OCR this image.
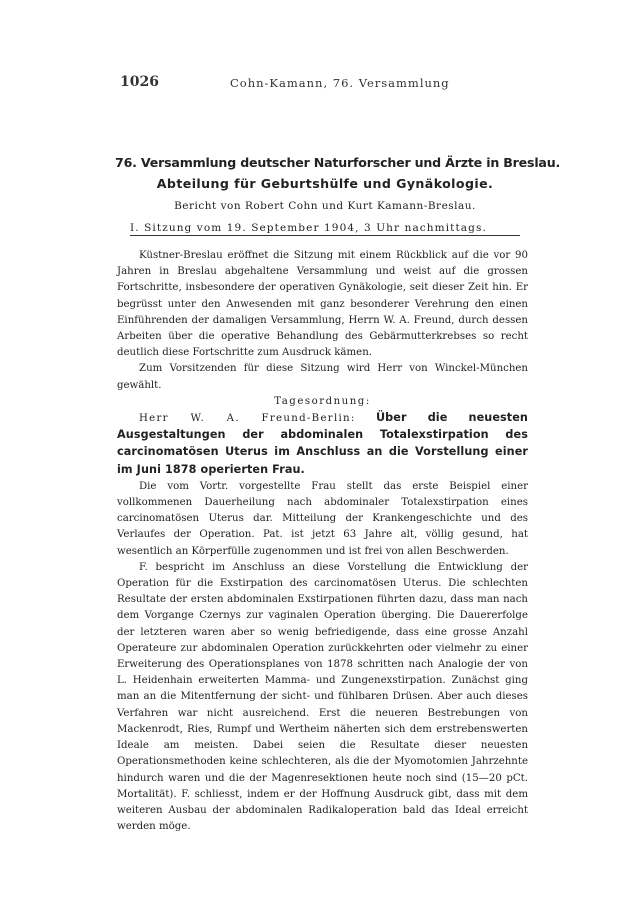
1026	Cohn-Kamann, 76. Versammlung
76. Versammlung deutscher Naturforscher und Ärzte in Breslau.
Abteilung für Geburtshülfe und Gynäkologie.
Bericht von Robert Cohn und Kurt Kamann-Breslau.
I. Sitzung vom 19. September 1904, 3 Uhr nachmittags.

Küstner-Breslau eröffnet die Sitzung mit einem Rückblick auf die vor 90 Jahren in Breslau abgehaltene Versammlung und weist auf die grossen Fortschritte, insbesondere der operativen Gynäkologie, seit dieser Zeit hin. Er begrüsst unter den Anwesenden mit ganz besonderer Verehrung den einen Einführenden der damaligen Versammlung, Herrn W. A. Freund, durch dessen Arbeiten über die operative Behandlung des Gebärmutterkrebses so recht deutlich diese Fortschritte zum Ausdruck kämen.

Zum Vorsitzenden für diese Sitzung wird Herr von Winckel-München gewählt.

Tagesordnung:

Herr W. A. Freund-Berlin: Über die neuesten Ausgestaltungen der abdominalen Totalexstirpation des carcinomatösen Uterus im Anschluss an die Vorstellung einer im Juni 1878 operierten Frau.

Die vom Vortr. vorgestellte Frau stellt das erste Beispiel einer vollkommenen Dauerheilung nach abdominaler Totalexstirpation eines carcinomatösen Uterus dar. Mitteilung der Krankengeschichte und des Verlaufes der Operation. Pat. ist jetzt 63 Jahre alt, völlig gesund, hat wesentlich an Körperfülle zugenommen und ist frei von allen Beschwerden.

F. bespricht im Anschluss an diese Vorstellung die Entwicklung der Operation für die Exstirpation des carcinomatösen Uterus. Die schlechten Resultate der ersten abdominalen Exstirpationen führten dazu, dass man nach dem Vorgange Czernys zur vaginalen Operation überging. Die Dauererfolge der letzteren waren aber so wenig befriedigende, dass eine grosse Anzahl Operateure zur abdominalen Operation zurückkehrten oder vielmehr zu einer Erweiterung des Operationsplanes von 1878 schritten nach Analogie der von L. Heidenhain erweiterten Mamma- und Zungenexstirpation. Zunächst ging man an die Mitentfernung der sicht- und fühlbaren Drüsen. Aber auch dieses Verfahren war nicht ausreichend. Erst die neueren Bestrebungen von Mackenrodt, Ries, Rumpf und Wertheim näherten sich dem erstrebenswerten Ideale am meisten. Dabei seien die Resultate dieser neuesten Operationsmethoden keine schlechteren, als die der Myomotomien Jahrzehnte hindurch waren und die der Magenresektionen heute noch sind (15—20 pCt. Mortalität). F. schliesst, indem er der Hoffnung Ausdruck gibt, dass mit dem weiteren Ausbau der abdominalen Radikaloperation bald das Ideal erreicht werden möge.
